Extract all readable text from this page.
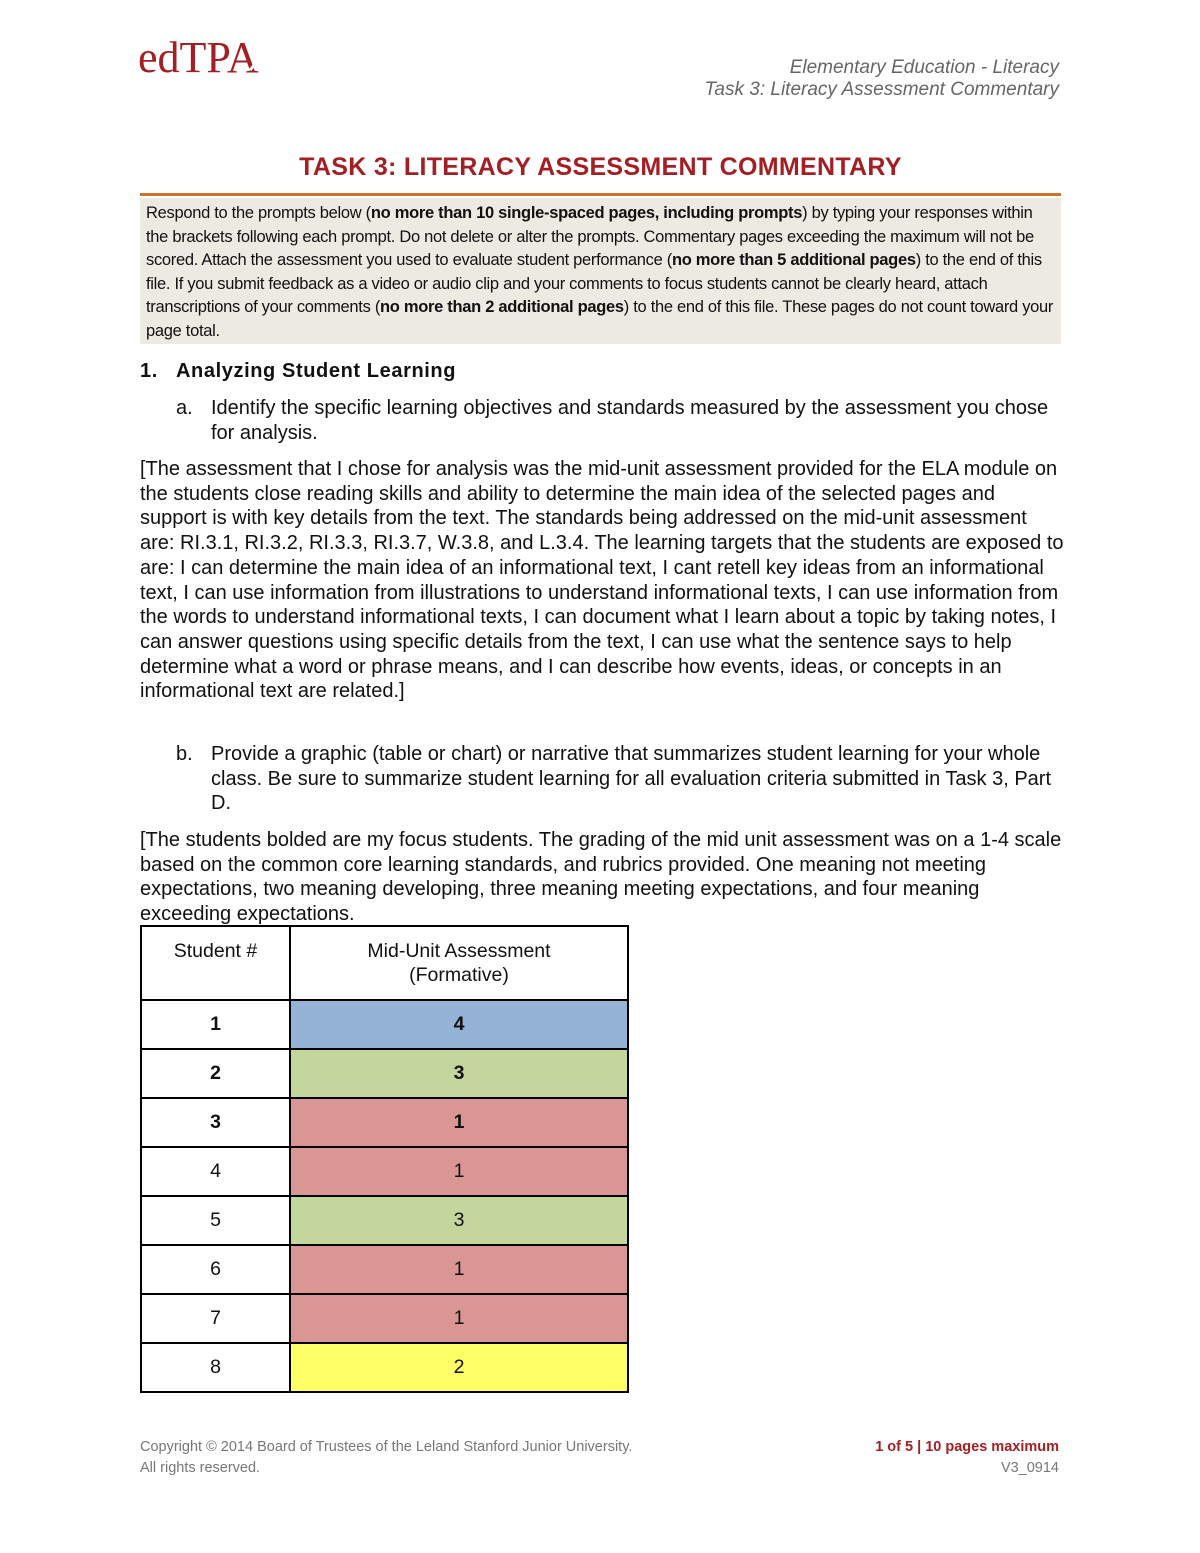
edTPA	Elementary Education - Literacy
Task 3: Literacy Assessment Commentary
TASK 3: LITERACY ASSESSMENT COMMENTARY
Respond to the prompts below (no more than 10 single-spaced pages, including prompts) by typing your responses within the brackets following each prompt. Do not delete or alter the prompts. Commentary pages exceeding the maximum will not be scored. Attach the assessment you used to evaluate student performance (no more than 5 additional pages) to the end of this file. If you submit feedback as a video or audio clip and your comments to focus students cannot be clearly heard, attach transcriptions of your comments (no more than 2 additional pages) to the end of this file. These pages do not count toward your page total.
1. Analyzing Student Learning
a. Identify the specific learning objectives and standards measured by the assessment you chose for analysis.
[The assessment that I chose for analysis was the mid-unit assessment provided for the ELA module on the students close reading skills and ability to determine the main idea of the selected pages and support is with key details from the text. The standards being addressed on the mid-unit assessment are: RI.3.1, RI.3.2, RI.3.3, RI.3.7, W.3.8, and L.3.4. The learning targets that the students are exposed to are: I can determine the main idea of an informational text, I cant retell key ideas from an informational text, I can use information from illustrations to understand informational texts, I can use information from the words to understand informational texts, I can document what I learn about a topic by taking notes, I can answer questions using specific details from the text, I can use what the sentence says to help determine what a word or phrase means, and I can describe how events, ideas, or concepts in an informational text are related.]
b. Provide a graphic (table or chart) or narrative that summarizes student learning for your whole class. Be sure to summarize student learning for all evaluation criteria submitted in Task 3, Part D.
[The students bolded are my focus students. The grading of the mid unit assessment was on a 1-4 scale based on the common core learning standards, and rubrics provided. One meaning not meeting expectations, two meaning developing, three meaning meeting expectations, and four meaning exceeding expectations.
Student #	Mid-Unit Assessment
(Formative)

1	4
2	3
3	1
4	1
5	3
6	1
7	1
8	2
Copyright © 2014 Board of Trustees of the Leland Stanford Junior University.
All rights reserved.
1 of 5 | 10 pages maximum
V3_0914
